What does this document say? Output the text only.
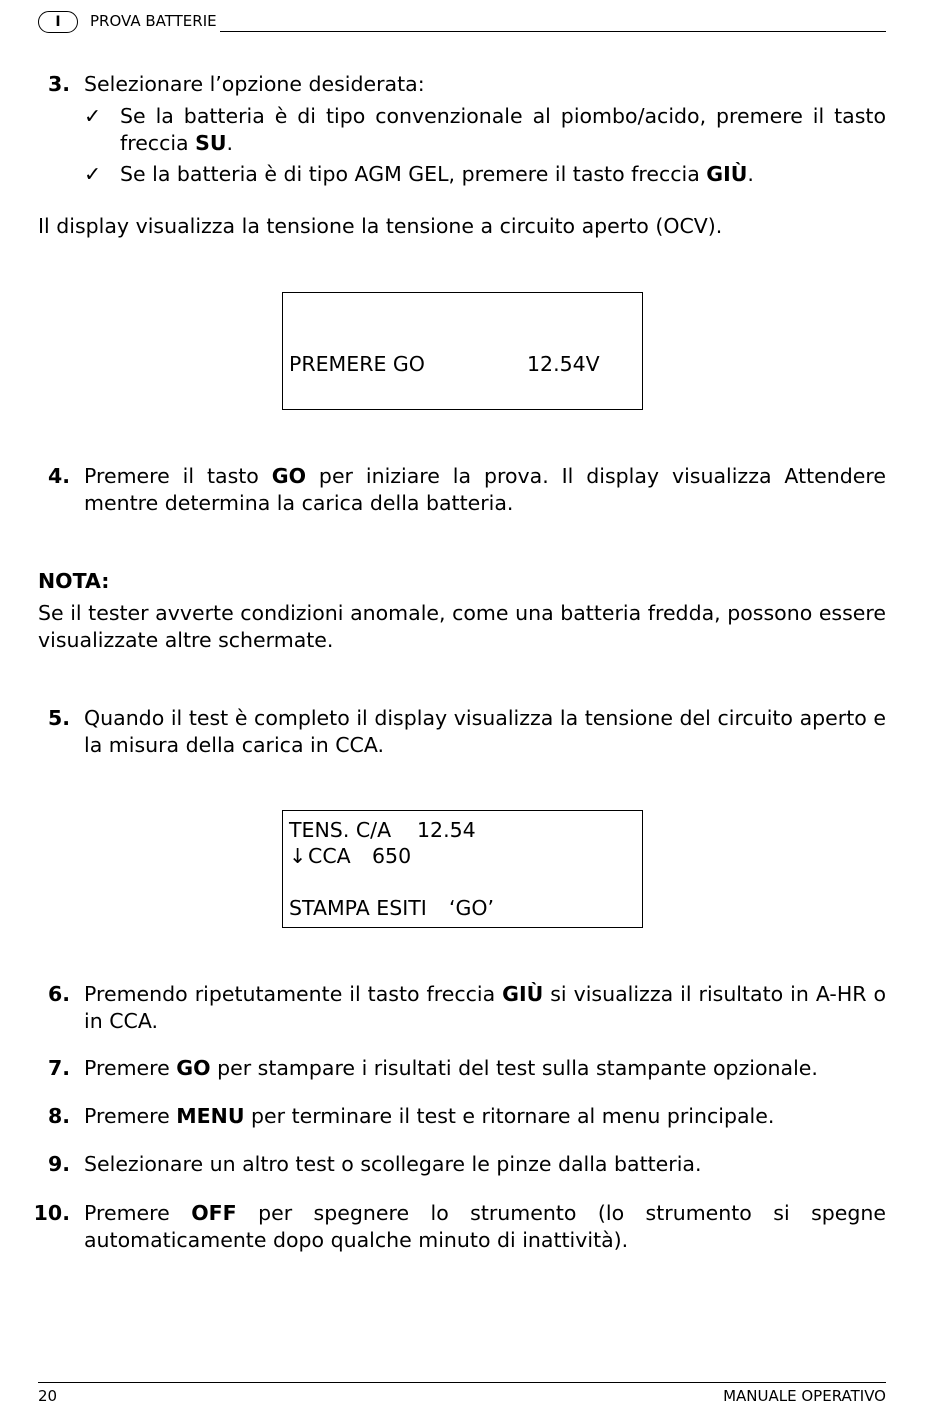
I	PROVA BATTERIE
3. Selezionare l’opzione desiderata:
✓ Se la batteria è di tipo convenzionale al piombo/acido, premere il tasto freccia SU.
✓ Se la batteria è di tipo AGM GEL, premere il tasto freccia GIÙ.
Il display visualizza la tensione la tensione a circuito aperto (OCV).
PREMERE GO	12.54V
4. Premere il tasto GO per iniziare la prova. Il display visualizza Attendere mentre determina la carica della batteria.
NOTA:
Se il tester avverte condizioni anomale, come una batteria fredda, possono essere visualizzate altre schermate.
5. Quando il test è completo il display visualizza la tensione del circuito aperto e la misura della carica in CCA.
TENS. C/A 12.54
↓ CCA 650
STAMPA ESITI ‘GO’
6. Premendo ripetutamente il tasto freccia GIÙ si visualizza il risultato in A-HR o in CCA.
7. Premere GO per stampare i risultati del test sulla stampante opzionale.
8. Premere MENU per terminare il test e ritornare al menu principale.
9. Selezionare un altro test o scollegare le pinze dalla batteria.
10. Premere OFF per spegnere lo strumento (lo strumento si spegne automaticamente dopo qualche minuto di inattività).
20	MANUALE OPERATIVO
